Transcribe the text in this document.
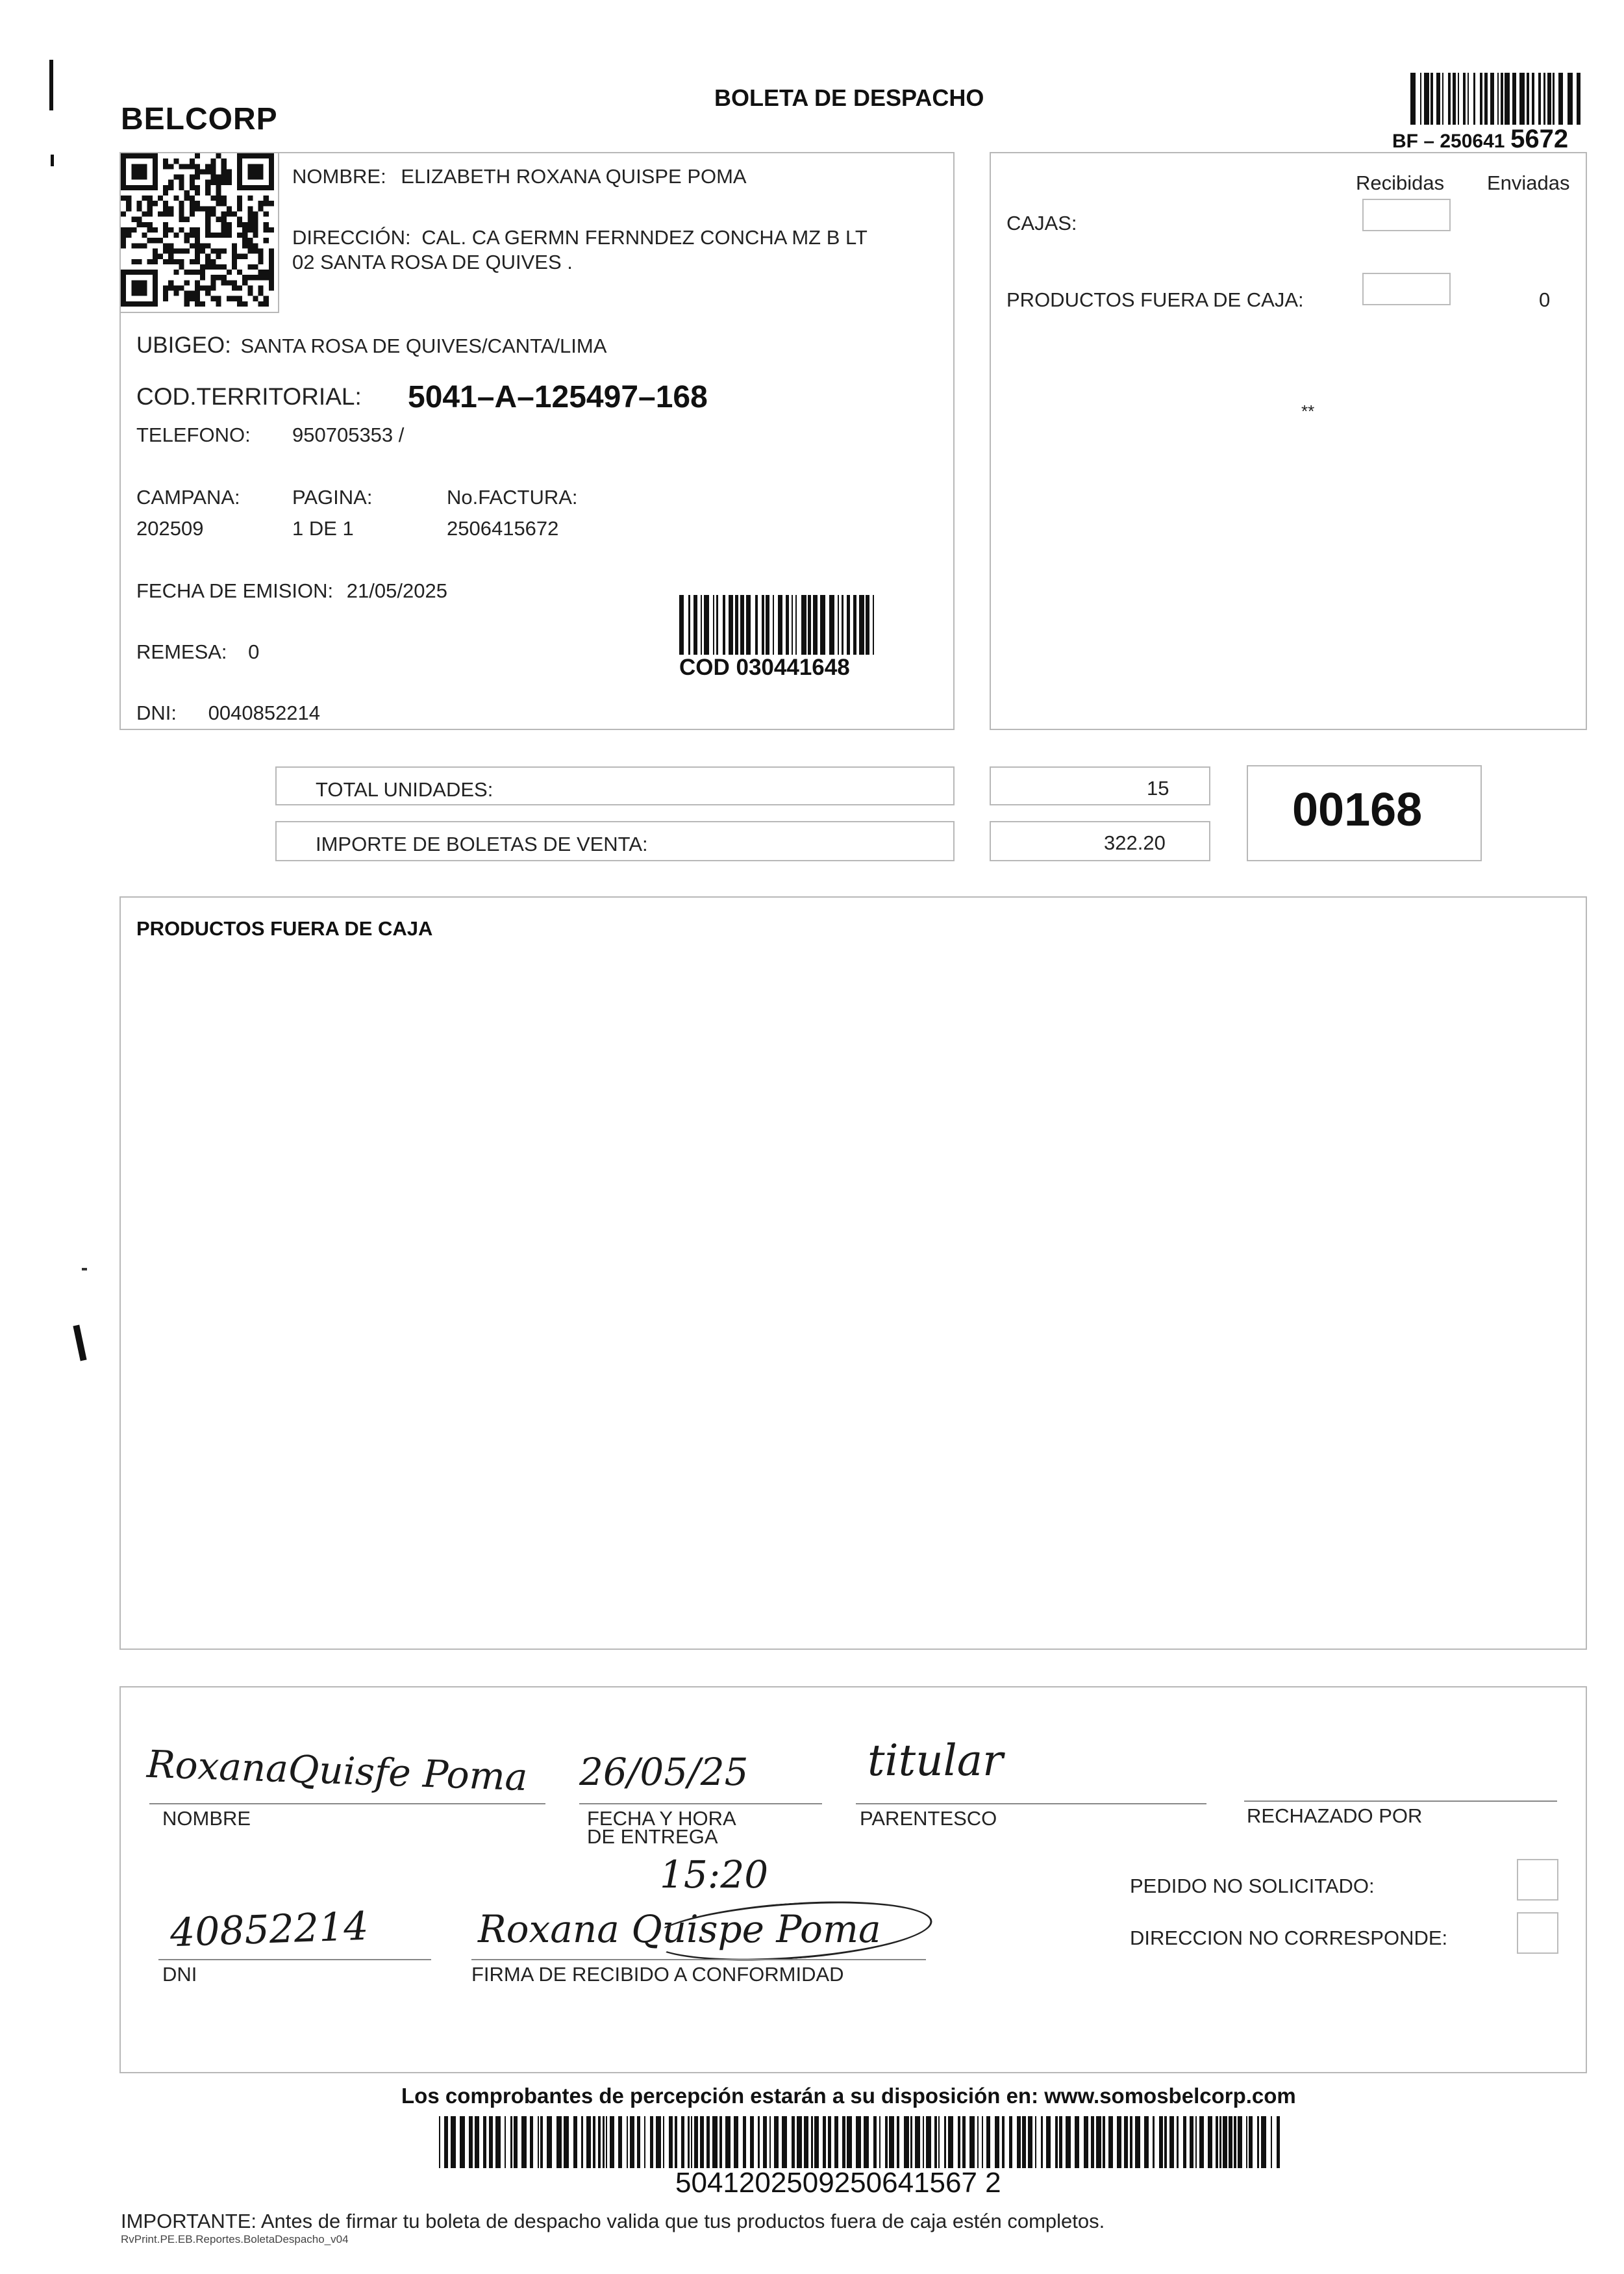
BELCORP
BOLETA DE DESPACHO
BF – 250641 5672
NOMBRE: ELIZABETH ROXANA QUISPE POMA
DIRECCIÓN: CAL. CA GERMN FERNNDEZ CONCHA MZ B LT
02 SANTA ROSA DE QUIVES .
UBIGEO: SANTA ROSA DE QUIVES/CANTA/LIMA
COD.TERRITORIAL: 5041–A–125497–168
TELEFONO: 950705353 /
CAMPANA:
202509
PAGINA:
1 DE 1
No.FACTURA:
2506415672
FECHA DE EMISION: 21/05/2025
REMESA: 0
DNI: 0040852214
COD 030441648
Recibidas Enviadas
CAJAS:
PRODUCTOS FUERA DE CAJA:	0
**
TOTAL UNIDADES:	15
IMPORTE DE BOLETAS DE VENTA:	322.20
00168
PRODUCTOS FUERA DE CAJA
RoxanaQuisfe Poma
NOMBRE
26/05/25
FECHA Y HORA
DE ENTREGA
titular
PARENTESCO	RECHAZADO POR
15:20	PEDIDO NO SOLICITADO:
DIRECCION NO CORRESPONDE:
40852214
DNI
Roxana Quispe Poma
FIRMA DE RECIBIDO A CONFORMIDAD
Los comprobantes de percepción estarán a su disposición en: www.somosbelcorp.com
5041202509250641567 2
IMPORTANTE: Antes de firmar tu boleta de despacho valida que tus productos fuera de caja estén completos.
RvPrint.PE.EB.Reportes.BoletaDespacho_v04
